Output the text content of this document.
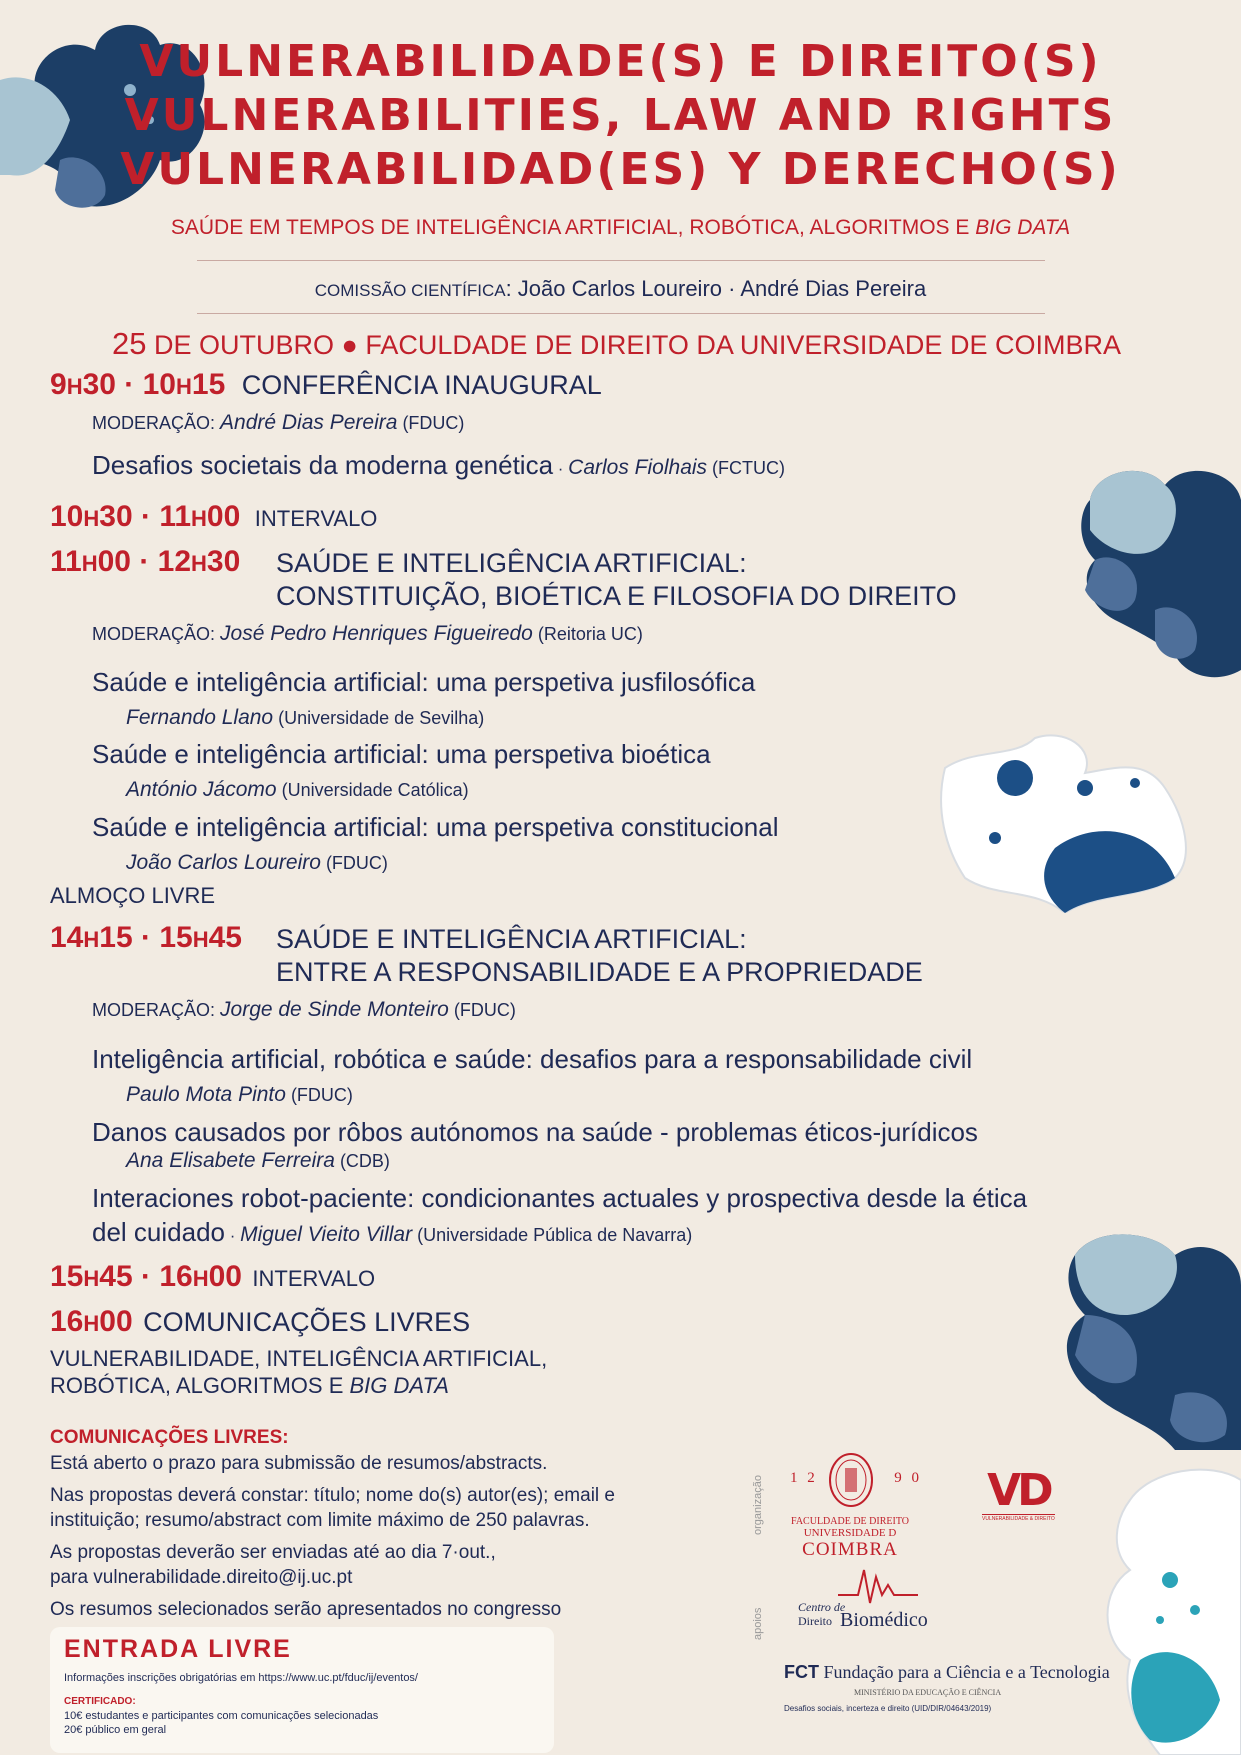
VULNERABILIDADE(S) E DIREITO(S)
VULNERABILITIES, LAW AND RIGHTS
VULNERABILIDAD(ES) Y DERECHO(S)
SAÚDE EM TEMPOS DE INTELIGÊNCIA ARTIFICIAL, ROBÓTICA, ALGORITMOS E BIG DATA
COMISSÃO CIENTÍFICA: João Carlos Loureiro · André Dias Pereira
25 DE OUTUBRO ● FACULDADE DE DIREITO DA UNIVERSIDADE DE COIMBRA
9H30 · 10H15 CONFERÊNCIA INAUGURAL
MODERAÇÃO: André Dias Pereira (FDUC)
Desafios societais da moderna genética · Carlos Fiolhais (FCTUC)
10H30 · 11H00 INTERVALO
11H00 · 12H30 SAÚDE E INTELIGÊNCIA ARTIFICIAL:
CONSTITUIÇÃO, BIOÉTICA E FILOSOFIA DO DIREITO
MODERAÇÃO: José Pedro Henriques Figueiredo (Reitoria UC)
Saúde e inteligência artificial: uma perspetiva jusfilosófica
Fernando Llano (Universidade de Sevilha)
Saúde e inteligência artificial: uma perspetiva bioética
António Jácomo (Universidade Católica)
Saúde e inteligência artificial: uma perspetiva constitucional
João Carlos Loureiro (FDUC)
ALMOÇO LIVRE
14H15 · 15H45 SAÚDE E INTELIGÊNCIA ARTIFICIAL:
ENTRE A RESPONSABILIDADE E A PROPRIEDADE
MODERAÇÃO: Jorge de Sinde Monteiro (FDUC)
Inteligência artificial, robótica e saúde: desafios para a responsabilidade civil
Paulo Mota Pinto (FDUC)
Danos causados por rôbos autónomos na saúde - problemas éticos-jurídicos
Ana Elisabete Ferreira (CDB)
Interaciones robot-paciente: condicionantes actuales y prospectiva desde la ética
del cuidado · Miguel Vieito Villar (Universidade Pública de Navarra)
15H45 · 16H00 INTERVALO
16H00 COMUNICAÇÕES LIVRES
VULNERABILIDADE, INTELIGÊNCIA ARTIFICIAL,
ROBÓTICA, ALGORITMOS E BIG DATA
COMUNICAÇÕES LIVRES:
Está aberto o prazo para submissão de resumos/abstracts.
Nas propostas deverá constar: título; nome do(s) autor(es); email e
instituição; resumo/abstract com limite máximo de 250 palavras.
As propostas deverão ser enviadas até ao dia 7·out.,
para vulnerabilidade.direito@ij.uc.pt
Os resumos selecionados serão apresentados no congresso
ENTRADA LIVRE
Informações inscrições obrigatórias em https://www.uc.pt/fduc/ij/eventos/
CERTIFICADO:
10€ estudantes e participantes com comunicações selecionadas
20€ público em geral
organização
apoios
1 2	9 0
FACULDADE DE DIREITO
UNIVERSIDADE D
COIMBRA
VD
VULNERABILIDADE & DIREITO
Centro de
Direito Biomédico
FCT Fundação para a Ciência e a Tecnologia
MINISTÉRIO DA EDUCAÇÃO E CIÊNCIA
Desafios sociais, incerteza e direito (UID/DIR/04643/2019)
